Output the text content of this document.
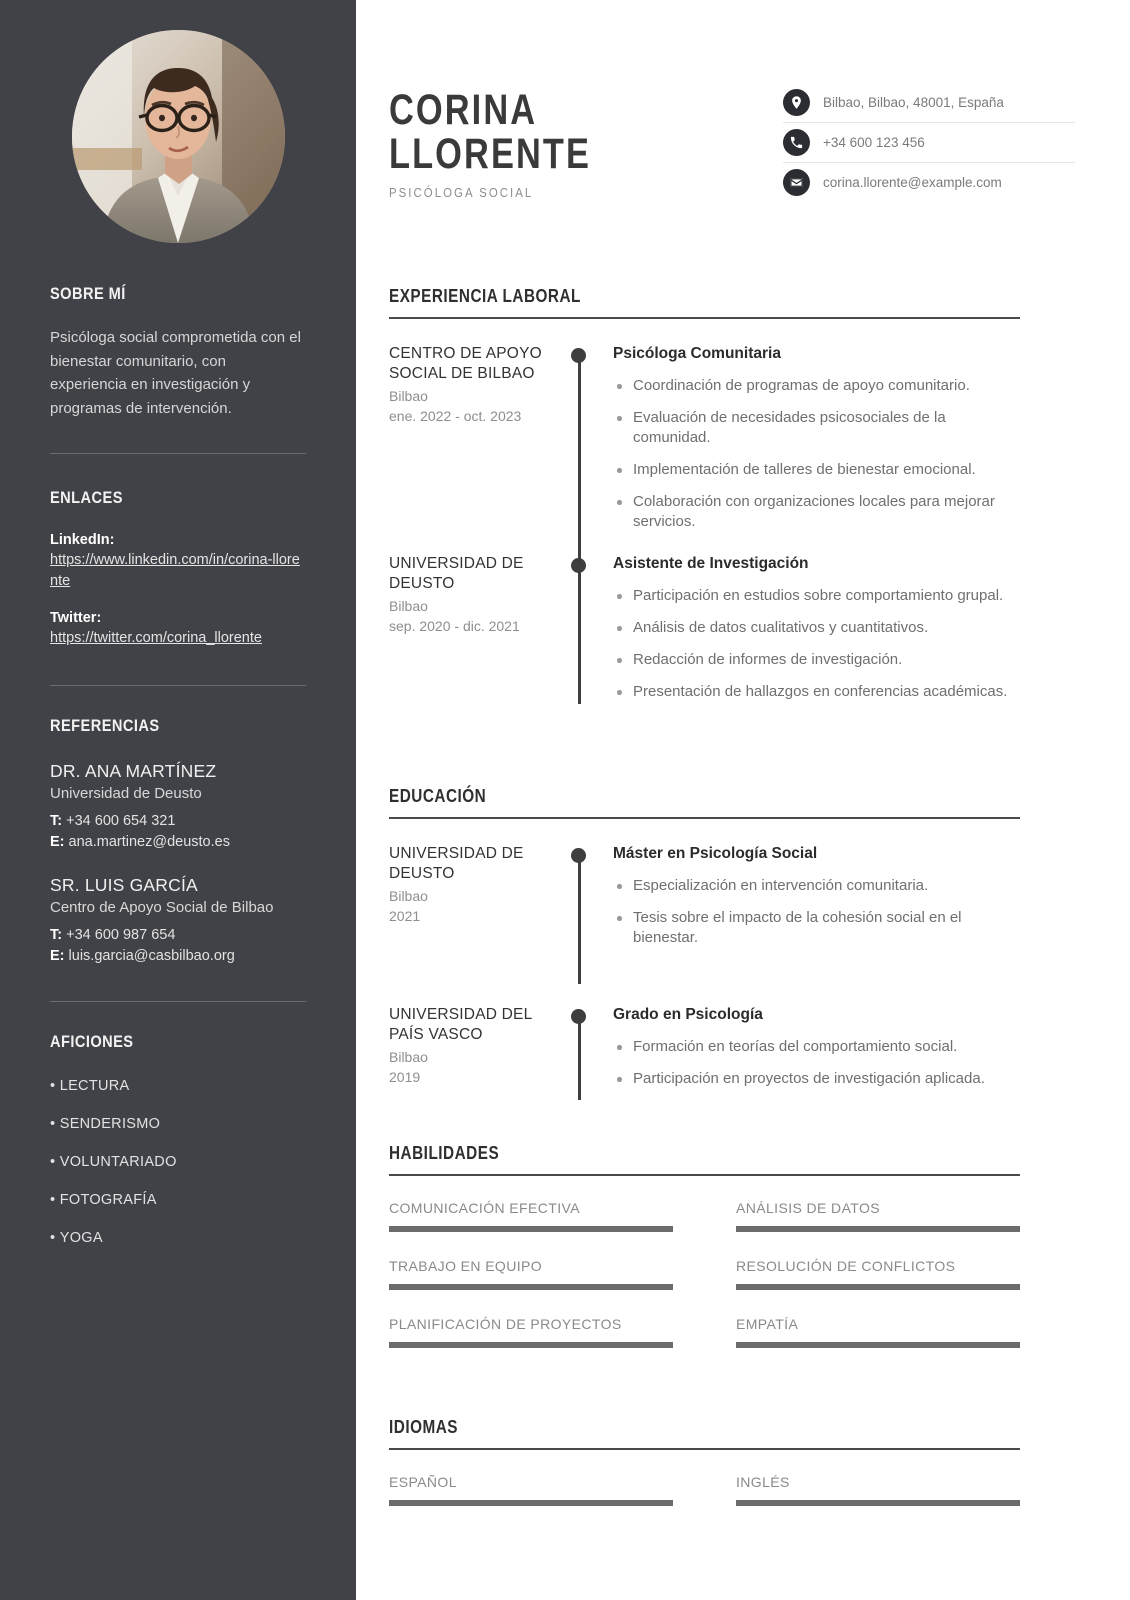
SOBRE MÍ
Psicóloga social comprometida con el bienestar comunitario, con experiencia en investigación y programas de intervención.
ENLACES
LinkedIn:
https://www.linkedin.com/in/corina-llorente
Twitter:
https://twitter.com/corina_llorente
REFERENCIAS
DR. ANA MARTÍNEZ
Universidad de Deusto
T: +34 600 654 321
E: ana.martinez@deusto.es
SR. LUIS GARCÍA
Centro de Apoyo Social de Bilbao
T: +34 600 987 654
E: luis.garcia@casbilbao.org
AFICIONES
• LECTURA
• SENDERISMO
• VOLUNTARIADO
• FOTOGRAFÍA
• YOGA
CORINA
LLORENTE
PSICÓLOGA SOCIAL
Bilbao, Bilbao, 48001, España
+34 600 123 456
corina.llorente@example.com
EXPERIENCIA LABORAL
CENTRO DE APOYO SOCIAL DE BILBAO
Bilbao
ene. 2022 - oct. 2023
Psicóloga Comunitaria
Coordinación de programas de apoyo comunitario.
Evaluación de necesidades psicosociales de la comunidad.
Implementación de talleres de bienestar emocional.
Colaboración con organizaciones locales para mejorar servicios.
UNIVERSIDAD DE DEUSTO
Bilbao
sep. 2020 - dic. 2021
Asistente de Investigación
Participación en estudios sobre comportamiento grupal.
Análisis de datos cualitativos y cuantitativos.
Redacción de informes de investigación.
Presentación de hallazgos en conferencias académicas.
EDUCACIÓN
UNIVERSIDAD DE DEUSTO
Bilbao
2021
Máster en Psicología Social
Especialización en intervención comunitaria.
Tesis sobre el impacto de la cohesión social en el bienestar.
UNIVERSIDAD DEL PAÍS VASCO
Bilbao
2019
Grado en Psicología
Formación en teorías del comportamiento social.
Participación en proyectos de investigación aplicada.
HABILIDADES
COMUNICACIÓN EFECTIVA
TRABAJO EN EQUIPO
PLANIFICACIÓN DE PROYECTOS
ANÁLISIS DE DATOS
RESOLUCIÓN DE CONFLICTOS
EMPATÍA
IDIOMAS
ESPAÑOL	INGLÉS
